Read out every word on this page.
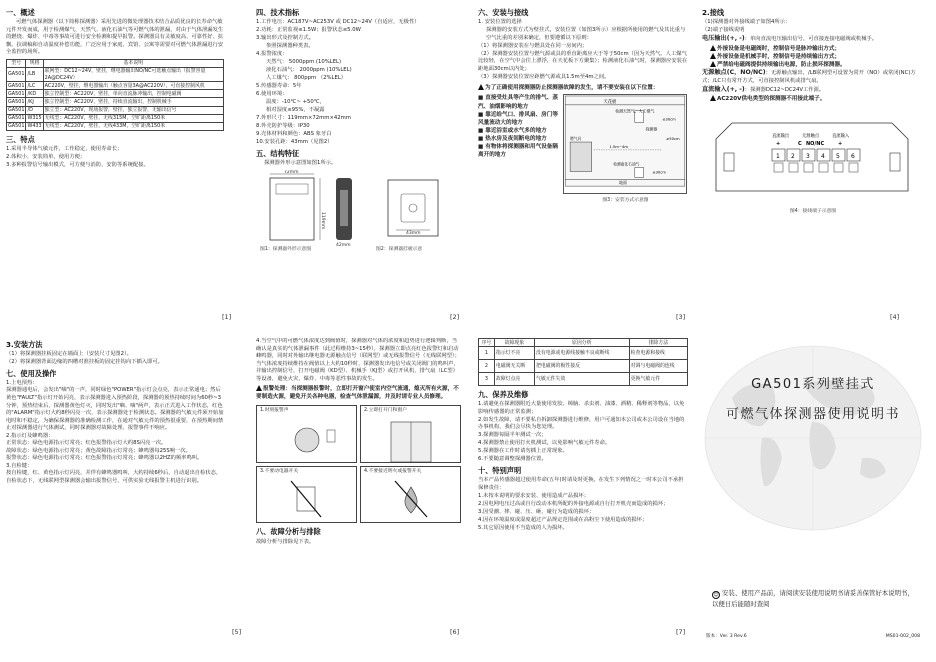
一、概述
可燃气体探测器（以下简称探测器）采用先进的微处理器技术结合品质优良的长寿命气敏元件开发而成，用于检测煤气、天然气、液化石油气等可燃气体的泄漏，对由于气体泄漏发生的燃烧、爆炸、中毒等事故可进行安全检测和提早报警。探测器具有灵敏度高、可靠性好、抗飘、抗调稿和自动温度补偿功能，广泛应用于家庭、宾馆、公寓等需要对可燃气体泄漏进行安全监控的场所。
型号	规格	基本说明
GA501	/LB	联网型：DC12~24V，壁挂，继电器输出NO/NC可选触点输出（报警容量2A@DC24V）
GA501	/LC	AC220V，壁挂，继电器输出（触点容量3A@AC220V），可直接控制风机
GA501	/KD	独立控制型：AC220V，壁挂，单向直流脉冲输出，控制电磁阀
GA501	/KJ	独立控制型：AC220V，壁挂，持续直流输出，控制机械手
GA501	/D	独立型：AC220V，现场报警，壁挂，独立报警，无输出信号
GA501	W315	无线型：AC220V，壁挂，无线315M，空旷距离150米
GA501	W433	无线型：AC220V，壁挂，无线433M，空旷距离150米
三、特点
1.采用半导体气敏元件，工作稳定，使用寿命长；
2.体积小，安装简单，使用方便；
3.多种报警信号输出模式，可方便与消防、安防等系统配接。
[1]
四、技术指标
1.工作电压：AC187V~AC253V 或 DC12~24V（自适应，无极性）
2.功耗：正常监视≤1.5W；报警状态≤5.0W
3.输出形式及控制方式。
参照探测器种类表。
4.报警浓度：
天然气： 5000ppm (10%LEL)
液化石油气： 2000ppm (10%LEL)
人工煤气： 800ppm （2%LEL）
5.传感器寿命：5年
6.使用环境：
温度：-10℃~ +50℃，
相对湿度≤95%，不凝露
7.外形尺寸：119mm×72mm×42mm
8.外壳防护等级：IP30
9.壳体材料和颜色：ABS 象牙白
10.安装孔距：43mm（见图2）
五、结构特征
探测器外形示意图如图1所示。
72mm
119mm
42mm
43mm
图1：探测器外形示意图	图2：探测器挂板示意
[2]
六、安装与接线
1. 安装位置的选择
探测器的安装方式为壁挂式，安装位置（如图3所示）应根据所使用的燃气及其比重与空气比重的差别来确定，但要遵循以下原则：
（1）将探测器安装在与燃具处在同一房间内；
（2）探测器安装位置与燃气源或具的垂直距离应大于等于50cm（因为天然气、人工煤气比较轻，在空气中会往上漂浮，在天花板下方聚集）；检测液化石油气时，探测器应安装在距地面30cm以内处；
（3）探测器安装位置应距燃气源或具1.5m至4m之间。
为了正确使用探测器防止探测器故障的发生，请不要安装在以下位置：
■ 直接受灶具等产生的排气、蒸汽、油烟影响的地方
■ 靠近给气口、排风扇、房门等风量流动大的地方
■ 靠近浴室或水气多的地方
■ 热水房及夜间断电的地方
■ 有物体将探测器和用气设备隔离开的地方
天花板
检测天然气、人工煤气
探测器
≤30cm
1.5m~4m
≥50cm
燃气具
检测液化石油气
≤30cm
地面
图3：安装方式示意图
[3]
2.接线
（1)探测器对外接线端子如图4所示：
（2)端子接线说明
电压输出(+, -)：单向直流电压输出信号，可直接连接电磁阀或机械手。
外接设备是电磁阀时，控制信号是脉冲输出方式；
外接设备是机械手时，控制信号是持续输出方式；
严禁给电磁阀提供持续输出电源，防止损坏探测器。
无源触点(C，NO/NC)：无源触点输出，/LB联网型可设置为常开（NO）或常闭(NC)方式；/LC只有常开方式，可直接控制风机或排气扇。
直流输入(+, -)：探测器DC12~DC24V工作源。
AC220V供电类型的探测器不用接此端子。
直流输出	无源触点	直流输入
+	C NO/NC	+
1 2 3 4 5 6
图4：接线端子示意图
[4]
3.安装方法
（1）将探测器挂板固定在墙面上（安装尺寸见图2）。
（2）将探测器背面边缘的四槽对准挂板的固定挂钩向下插入即可。
七、使用及操作
1.上电预热：
探测器通电后，会发出"嘀"的一声，同时绿色"POWER"指示灯会点亮，表示正常通电；然后黄色"FAULT"指示灯开始闪亮，表示探测器进入预热阶段，探测器的预热持续时间为60秒~3分钟，预热结束后，探测器黄色灯灭，同时发出"嘀、嘀"两声，表示正式进入工作状态，红色的"ALARM"指示灯大约8秒闪亮一次，表示探测器处于检测状态。探测器的气敏元件须开始加电时和不稳定，为确保探测器的准确检测工作，在通对气敏元件的预热很重要，在预热期间禁止对探测器进行气体测试，同时探测器对故障处理、报警事件不响应。
2.指示灯及蜂鸣器：
正常状态：绿色电源指示灯常亮；红色报警指示灯大约8S闪亮一次。
故障状态：绿色电源指示灯常亮；黄色故障指示灯常亮；蜂鸣器每25S响一次。
报警状态：绿色电源指示灯常亮；红色报警指示灯常亮；蜂鸣器以2HZ的频率鸣叫。
3.自检键：
按自检键，红、黄色指示灯闪亮，并伴有蜂鸣器鸣叫，大约持续6秒后，自动退出自检状态，自检状态下，无线联网型探测器会输出报警信号，可供实验无线报警主机进行识别。
[5]
4.当空气中的可燃气体浓度达到阀值时，探测器对气体的浓度和趋势进行逻辑判断，当确认是真实的气体泄漏事件（此过程维持3~15秒），探测器立即点亮红色报警灯和启动蜂鸣器，同时对外输出继电器无源触点信号（联网型）或无线报警信号（无线联网型）；当气体浓度持续维持在阀值以上大约10秒时，探测器发出电信号或关闭阀门的鸣叫声，并输出控制信号，打开电磁阀（KD型）、机械手（KJ型）或打开风机、排气扇（LC型）等设备，避免火灾、爆炸、中毒等恶性事故的发生。
报警处理：当探测器报警时，立即打开窗户使室内空气流通，熄灭所有火源，不要制造火源，避免开关各种电器，检查气体泄漏源，并及时请专业人员修理。
1.时刻报警声	2.立即打开门和窗户
3.不要动电器开关	4.不要接近明火或报警开关
八、故障分析与排除
故障分析与排除见下表。
[6]
序号	故障现象	原因分析	排除方法
1	指示灯不亮	没有电源或电源线接触不良或断线	检查电源和接线
2	电磁阀无关断	把电磁阀的极性接反	对调与电磁阀的连线
3	故障灯点亮	气敏元件失效	更换气敏元件
九、保养及维修
1.请避免在探测器附近大量使用发胶、樟脑、杀虫剂、油漆、酒精、稀释剂等物品，以免影响传感器的正常监测；
2.如发生故障，请不要私自拆卸探测器进行维修，用户可通知本公司或本公司设在当地的办事机构，我们会尽快为您处理。
3.探测器每隔半年测试一次；
4.探测器禁止使用打火机测试，以免影响气敏元件寿命。
5.探测器在工作时请勿插上正常现象。
6.不要随意调整探测器位置。
十、特别声明
当本产品传感器超过使用寿命(五年)时请及时更换。在发生下列情况之一时本公司不承担保修责任：
1.未按本说明的要求安装、使用造成产品损坏；
2.因电网电压过高或自行改动本机所配的外接电源或自行打开机壳而造成的损坏；
3.因受潮、摔、碰、压、砸、碰行为造成的损坏；
4.因在环境温度或湿度超过产品规定范围或在高粉尘下使用造成的损坏；
5.其它原因使用不当造成的人为损坏。
[7]
GA501系列壁挂式
可燃气体探测器使用说明书
☺ 安装、使用产品前，请阅读安装使用说明书请妥善保管好本说明书， 以便日后能随时查阅
版本：Ver. 3 Rev.6	MS01-002_008
